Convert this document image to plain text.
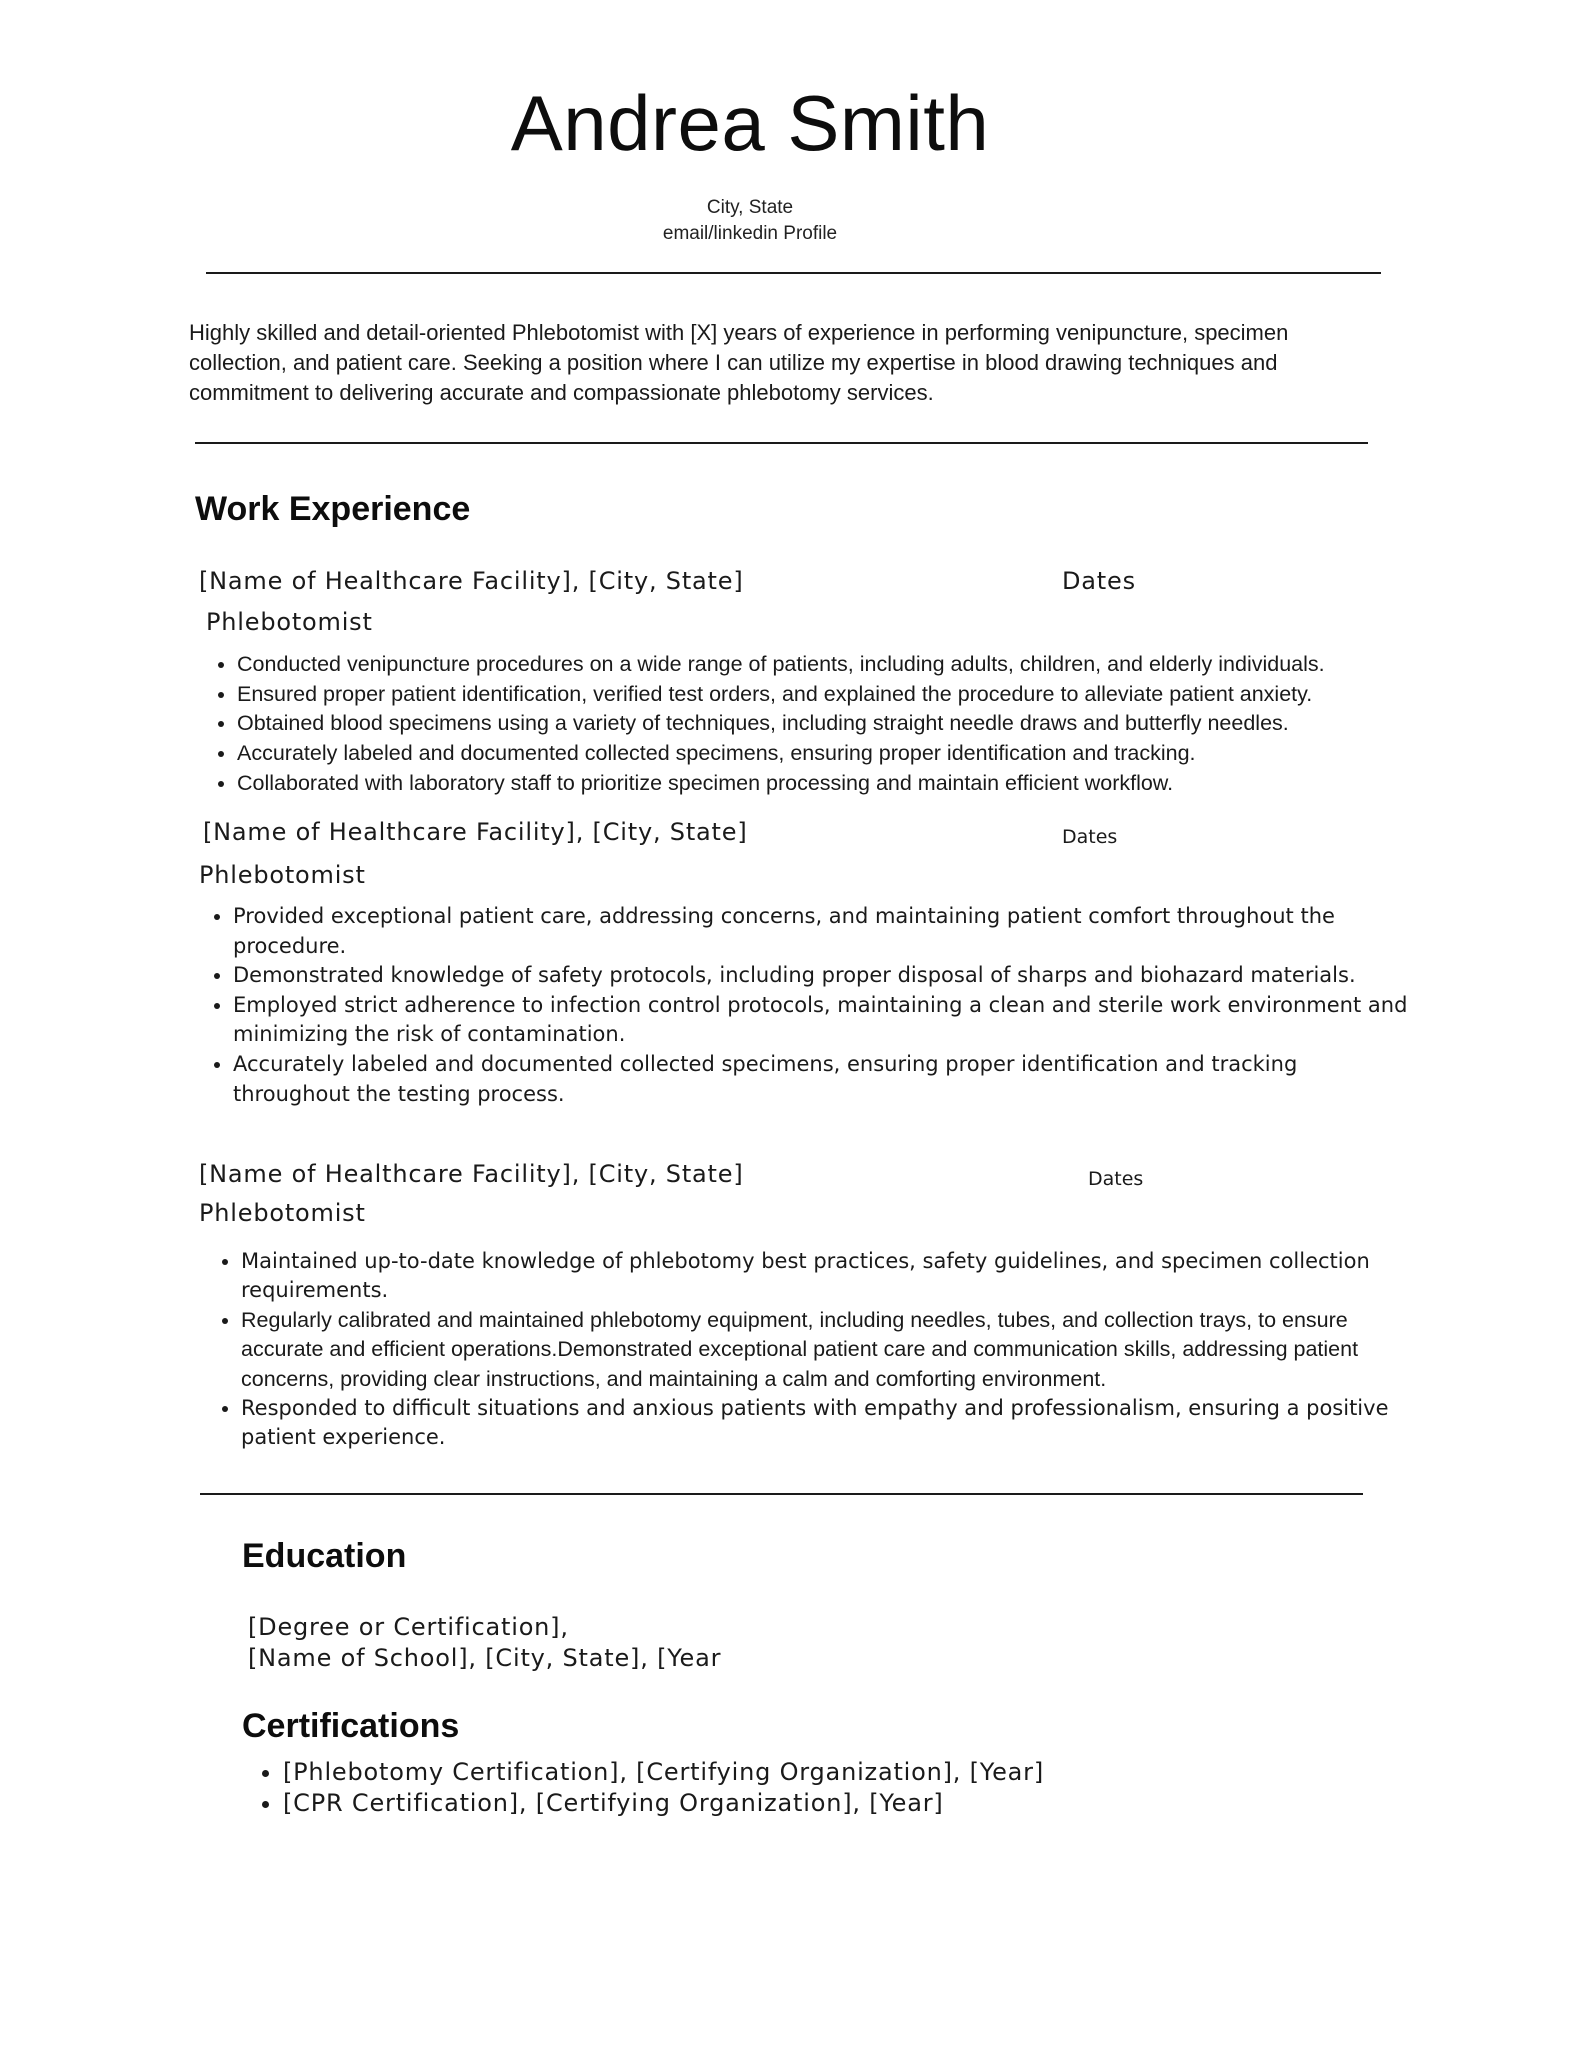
Andrea Smith
City, State
email/linkedin Profile

Highly skilled and detail-oriented Phlebotomist with [X] years of experience in performing venipuncture, specimen collection, and patient care. Seeking a position where I can utilize my expertise in blood drawing techniques and commitment to delivering accurate and compassionate phlebotomy services.

Work Experience
[Name of Healthcare Facility], [City, State]	Dates
Phlebotomist
• Conducted venipuncture procedures on a wide range of patients, including adults, children, and elderly individuals.
• Ensured proper patient identification, verified test orders, and explained the procedure to alleviate patient anxiety.
• Obtained blood specimens using a variety of techniques, including straight needle draws and butterfly needles.
• Accurately labeled and documented collected specimens, ensuring proper identification and tracking.
• Collaborated with laboratory staff to prioritize specimen processing and maintain efficient workflow.
[Name of Healthcare Facility], [City, State]	Dates
Phlebotomist
• Provided exceptional patient care, addressing concerns, and maintaining patient comfort throughout the procedure.
• Demonstrated knowledge of safety protocols, including proper disposal of sharps and biohazard materials.
• Employed strict adherence to infection control protocols, maintaining a clean and sterile work environment and minimizing the risk of contamination.
• Accurately labeled and documented collected specimens, ensuring proper identification and tracking throughout the testing process.
[Name of Healthcare Facility], [City, State]	Dates
Phlebotomist
• Maintained up-to-date knowledge of phlebotomy best practices, safety guidelines, and specimen collection requirements.
• Regularly calibrated and maintained phlebotomy equipment, including needles, tubes, and collection trays, to ensure accurate and efficient operations.Demonstrated exceptional patient care and communication skills, addressing patient concerns, providing clear instructions, and maintaining a calm and comforting environment.
• Responded to difficult situations and anxious patients with empathy and professionalism, ensuring a positive patient experience.
Education
[Degree or Certification],
[Name of School], [City, State], [Year
Certifications
• [Phlebotomy Certification], [Certifying Organization], [Year]
• [CPR Certification], [Certifying Organization], [Year]
